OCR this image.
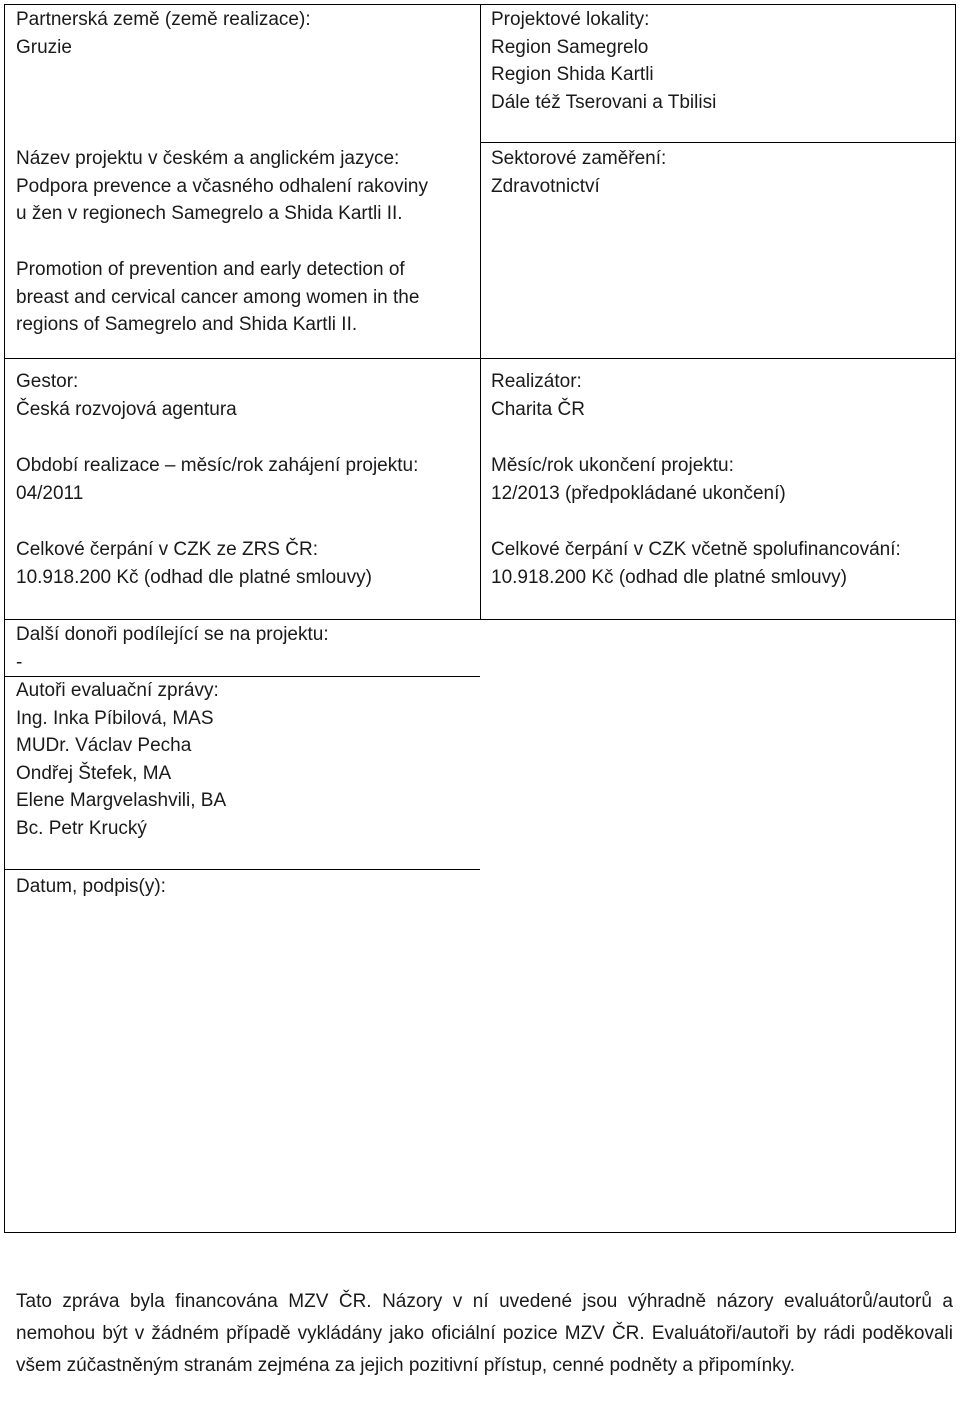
Partnerská země (země realizace):
Gruzie
Projektové lokality:
Region Samegrelo
Region Shida Kartli
Dále též Tserovani a Tbilisi
Název projektu v českém a anglickém jazyce:
Podpora prevence a včasného odhalení rakoviny
u žen v regionech Samegrelo a Shida Kartli II.
Promotion of prevention and early detection of
breast and cervical cancer among women in the
regions of Samegrelo and Shida Kartli II.
Sektorové zaměření:
Zdravotnictví
Gestor:
Česká rozvojová agentura
Období realizace – měsíc/rok zahájení projektu:
04/2011
Celkové čerpání v CZK ze ZRS ČR:
10.918.200 Kč (odhad dle platné smlouvy)
Realizátor:
Charita ČR
Měsíc/rok ukončení projektu:
12/2013 (předpokládané ukončení)
Celkové čerpání v CZK včetně spolufinancování:
10.918.200 Kč (odhad dle platné smlouvy)
Další donoři podílející se na projektu:
-
Autoři evaluační zprávy:
Ing. Inka Píbilová, MAS
MUDr. Václav Pecha
Ondřej Štefek, MA
Elene Margvelashvili, BA
Bc. Petr Krucký
Datum, podpis(y):
Tato zpráva byla financována MZV ČR. Názory v ní uvedené jsou výhradně názory evaluátorů/autorů a nemohou být v žádném případě vykládány jako oficiální pozice MZV ČR. Evaluátoři/autoři by rádi poděkovali všem zúčastněným stranám zejména za jejich pozitivní přístup, cenné podněty a připomínky.
